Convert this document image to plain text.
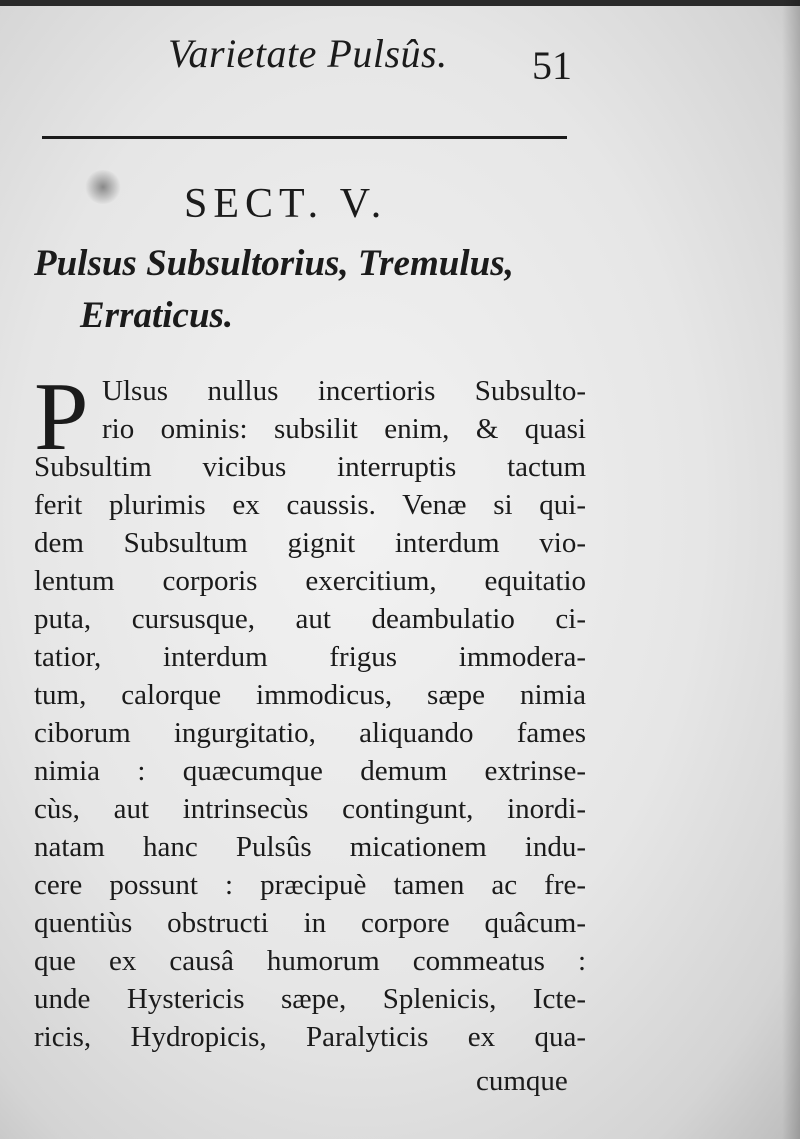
Varietate Pulsûs. 51
SECT. V.
Pulsus Subsultorius, Tremulus,
Erraticus.
P Ulsus nullus incertioris Subsulto-
rio ominis: subsilit enim, & quasi
Subsultim vicibus interruptis tactum
ferit plurimis ex caussis. Venæ si qui-
dem Subsultum gignit interdum vio-
lentum corporis exercitium, equitatio
puta, cursusque, aut deambulatio ci-
tatior, interdum frigus immodera-
tum, calorque immodicus, sæpe nimia
ciborum ingurgitatio, aliquando fames
nimia : quæcumque demum extrinse-
cùs, aut intrinsecùs contingunt, inordi-
natam hanc Pulsûs micationem indu-
cere possunt : præcipuè tamen ac fre-
quentiùs obstructi in corpore quâcum-
que ex causâ humorum commeatus :
unde Hystericis sæpe, Splenicis, Icte-
ricis, Hydropicis, Paralyticis ex qua-
cumque
